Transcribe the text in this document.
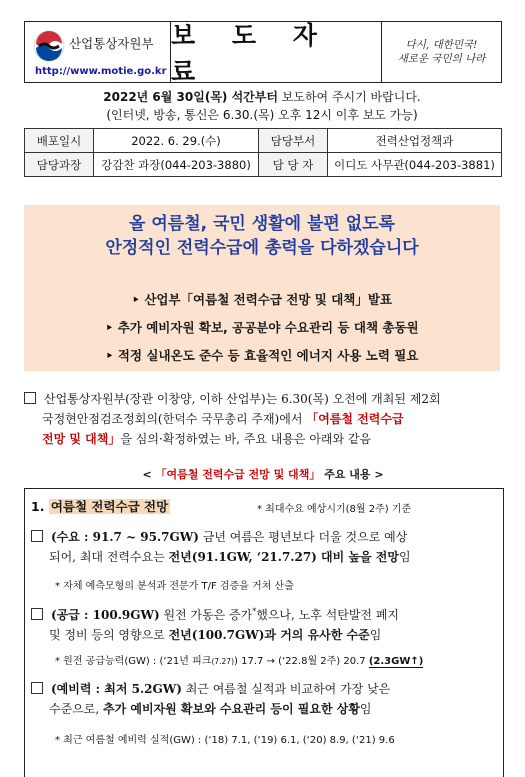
산업통상자원부
http://www.motie.go.kr
보 도 자 료
다시, 대한민국!
새로운 국민의 나라
2022년 6월 30일(목) 석간부터 보도하여 주시기 바랍니다.
(인터넷, 방송, 통신은 6.30.(목) 오후 12시 이후 보도 가능)
배포일시	2022. 6. 29.(수)	담당부서	전력산업정책과
담당과장	강감찬 과장(044-203-3880)	담 당 자	이디도 사무관(044-203-3881)
올 여름철, 국민 생활에 불편 없도록
안정적인 전력수급에 총력을 다하겠습니다
‣ 산업부「여름철 전력수급 전망 및 대책」발표
‣ 추가 예비자원 확보, 공공분야 수요관리 등 대책 총동원
‣ 적정 실내온도 준수 등 효율적인 에너지 사용 노력 필요
산업통상자원부(장관 이창양, 이하 산업부)는 6.30(목) 오전에 개최된 제2회
국정현안점검조정회의(한덕수 국무총리 주재)에서 「여름철 전력수급
전망 및 대책」을 심의·확정하였는 바, 주요 내용은 아래와 같음
< 「여름철 전력수급 전망 및 대책」 주요 내용 >
1. 여름철 전력수급 전망	* 최대수요 예상시기(8월 2주) 기준
(수요 : 91.7 ~ 95.7GW) 금년 여름은 평년보다 더울 것으로 예상
되어, 최대 전력수요는 전년(91.1GW, ‘21.7.27) 대비 높을 전망임
* 자체 예측모형의 분석과 전문가 T/F 검증을 거쳐 산출
(공급 : 100.9GW) 원전 가동은 증가*했으나, 노후 석탄발전 폐지
및 정비 등의 영향으로 전년(100.7GW)과 거의 유사한 수준임
* 원전 공급능력(GW) : (‘21년 피크(7.27)) 17.7 → (‘22.8월 2주) 20.7 (2.3GW↑)
(예비력 : 최저 5.2GW) 최근 여름철 실적과 비교하여 가장 낮은
수준으로, 추가 예비자원 확보와 수요관리 등이 필요한 상황임
* 최근 여름철 예비력 실적(GW) : (‘18) 7.1, (‘19) 6.1, (‘20) 8.9, (‘21) 9.6
